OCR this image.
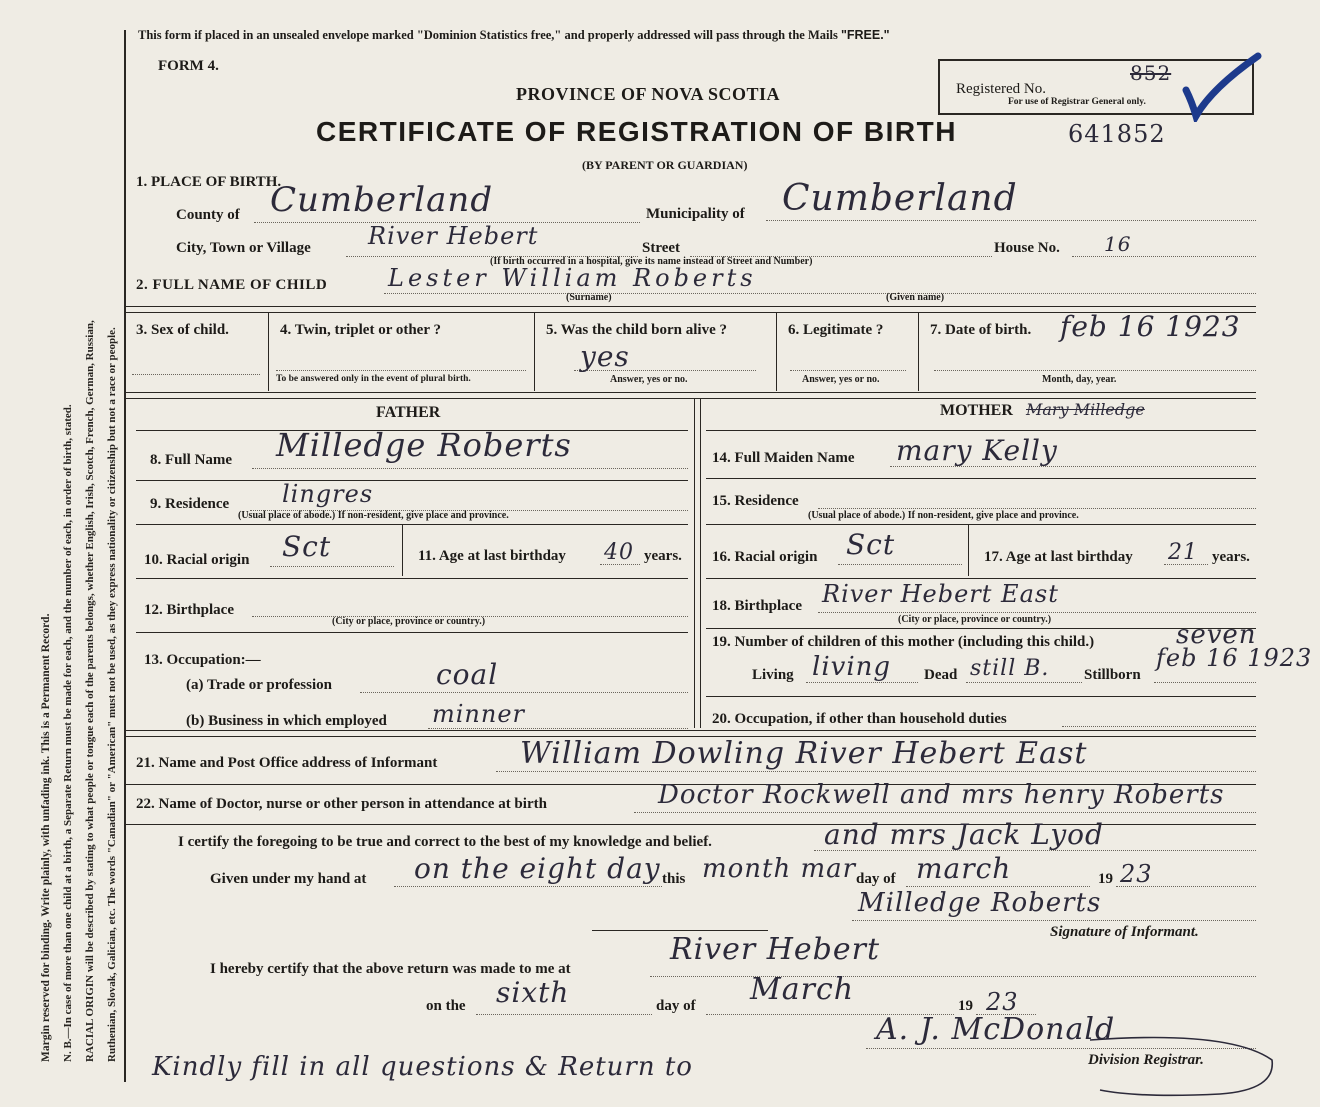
Margin reserved for binding. Write plainly, with unfading ink. This is a Permanent Record. N. B.—In case of more than one child at a birth, a Separate Return must be made for each, and the number of each, in order of birth, stated. RACIAL ORIGIN will be described by stating to what people or tongue each of the parents belongs, whether English, Irish, Scotch, French, German, Russian, Ruthenian, Slovak, Galician, etc. The words "Canadian" or "American" must not be used, as they express nationality or citizenship but not a race or people.
This form if placed in an unsealed envelope marked "Dominion Statistics free," and properly addressed will pass through the Mails "FREE."
FORM 4.
PROVINCE OF NOVA SCOTIA
CERTIFICATE OF REGISTRATION OF BIRTH	641852
(BY PARENT OR GUARDIAN)
Registered No.
852
For use of Registrar General only.
1. PLACE OF BIRTH.
County of Cumberland	Municipality of Cumberland
City, Town or Village River Hebert	Street	House No. 16
(If birth occurred in a hospital, give its name instead of Street and Number)
2. FULL NAME OF CHILD	Lester William Roberts
(Surname)	(Given name)
3. Sex of child.	4. Twin, triplet or other ?
To be answered only in the event of plural birth.
5. Was the child born alive ?
yes
Answer, yes or no.
6. Legitimate ?
Answer, yes or no.
7. Date of birth. feb 16 1923
Month, day, year.
FATHER
8. Full Name Milledge Roberts
9. Residence lingres
(Usual place of abode.) If non-resident, give place and province.
10. Racial origin Sct	11. Age at last birthday 40 years.
12. Birthplace
(City or place, province or country.)
13. Occupation:—
(a) Trade or profession	coal
(b) Business in which employed minner
MOTHER Mary Milledge
14. Full Maiden Name mary Kelly
15. Residence
(Usual place of abode.) If non-resident, give place and province.
16. Racial origin Sct	17. Age at last birthday 21 years.
18. Birthplace River Hebert East
(City or place, province or country.)
19. Number of children of this mother (including this child.)	seven
Living living Dead still B. Stillborn
feb 16 1923
20. Occupation, if other than household duties
21. Name and Post Office address of Informant	William Dowling River Hebert East
22. Name of Doctor, nurse or other person in attendance at birth	Doctor Rockwell and mrs henry Roberts
I certify the foregoing to be true and correct to the best of my knowledge and belief.	and mrs Jack Lyod
Given under my hand at on the eight day this month mar day of march	19 23
Milledge Roberts
Signature of Informant.
I hereby certify that the above return was made to me at
River Hebert
on the sixth	day of March	19 23
A. J. McDonald
Division Registrar.
Kindly fill in all questions & Return to
